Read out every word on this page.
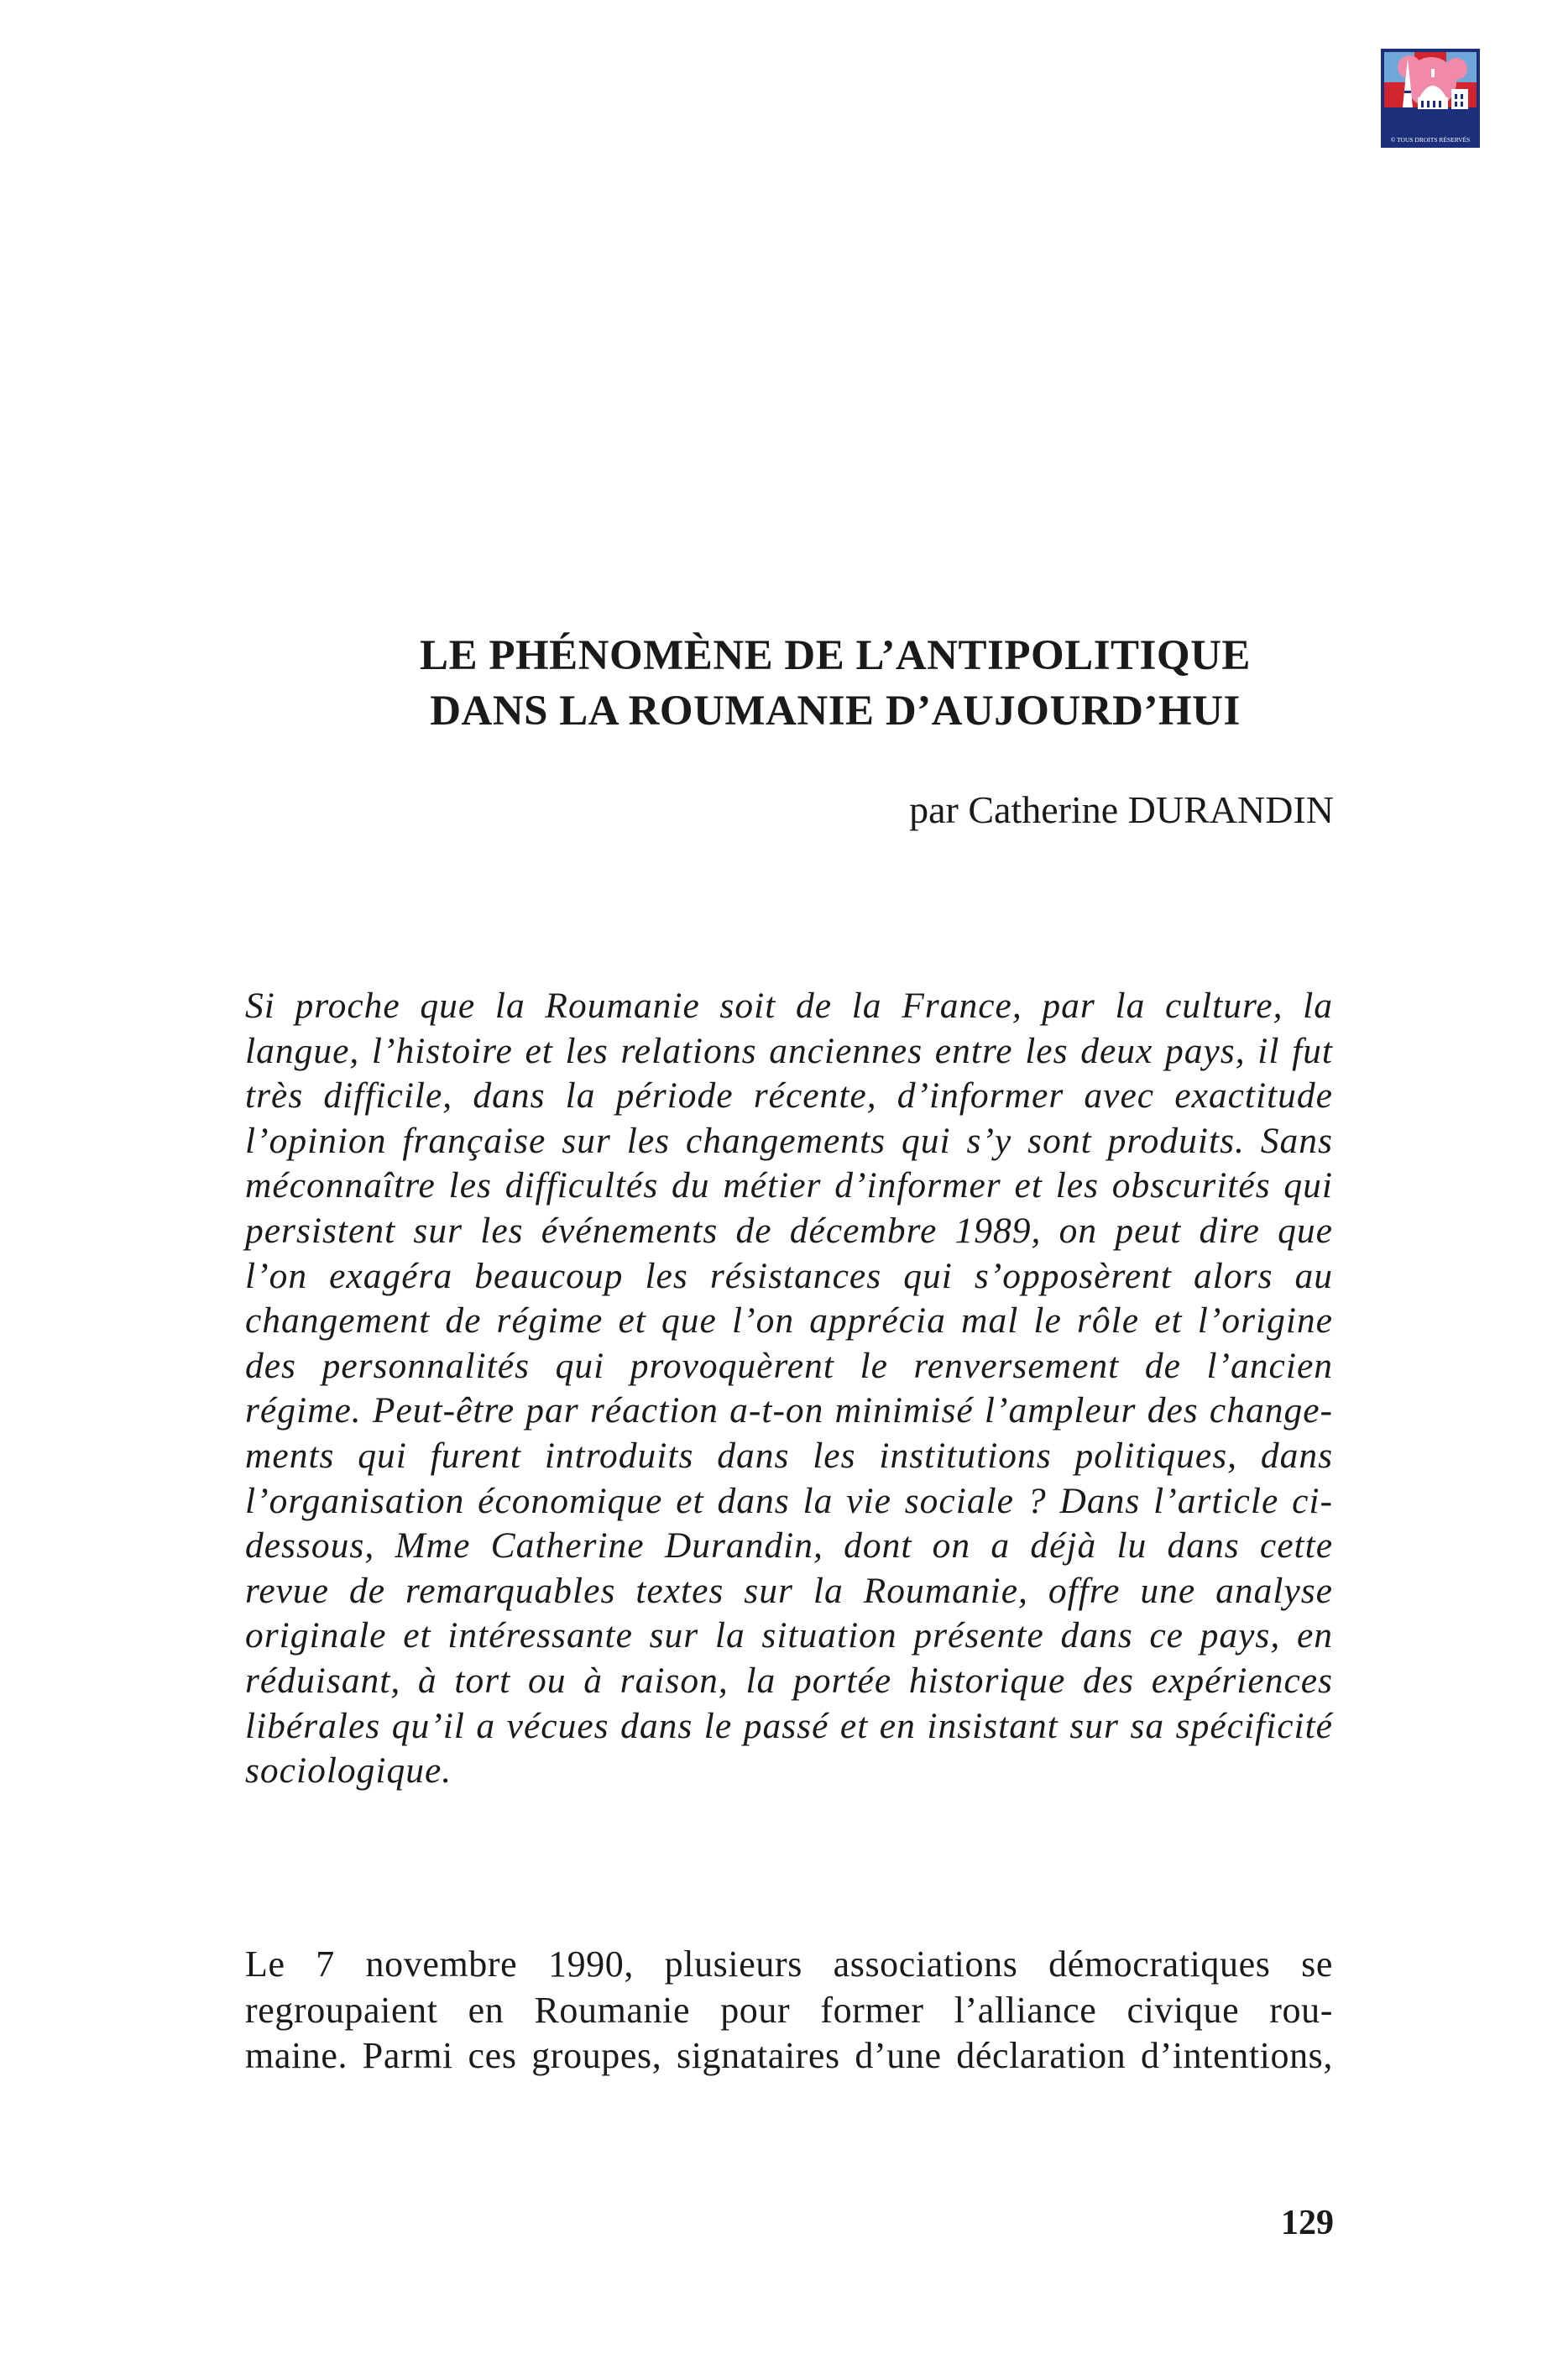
© TOUS DROITS RÉSERVÉS
LE PHÉNOMÈNE DE L’ANTIPOLITIQUE
DANS LA ROUMANIE D’AUJOURD’HUI
par Catherine DURANDIN
Si proche que la Roumanie soit de la France, par la culture, la
langue, l’histoire et les relations anciennes entre les deux pays, il fut
très difficile, dans la période récente, d’informer avec exactitude
l’opinion française sur les changements qui s’y sont produits. Sans
méconnaître les difficultés du métier d’informer et les obscurités qui
persistent sur les événements de décembre 1989, on peut dire que
l’on exagéra beaucoup les résistances qui s’opposèrent alors au
changement de régime et que l’on apprécia mal le rôle et l’origine
des personnalités qui provoquèrent le renversement de l’ancien
régime. Peut-être par réaction a-t-on minimisé l’ampleur des change-
ments qui furent introduits dans les institutions politiques, dans
l’organisation économique et dans la vie sociale ? Dans l’article ci-
dessous, Mme Catherine Durandin, dont on a déjà lu dans cette
revue de remarquables textes sur la Roumanie, offre une analyse
originale et intéressante sur la situation présente dans ce pays, en
réduisant, à tort ou à raison, la portée historique des expériences
libérales qu’il a vécues dans le passé et en insistant sur sa spécificité
sociologique.
Le 7 novembre 1990, plusieurs associations démocratiques se
regroupaient en Roumanie pour former l’alliance civique rou-
maine. Parmi ces groupes, signataires d’une déclaration d’intentions,
129
